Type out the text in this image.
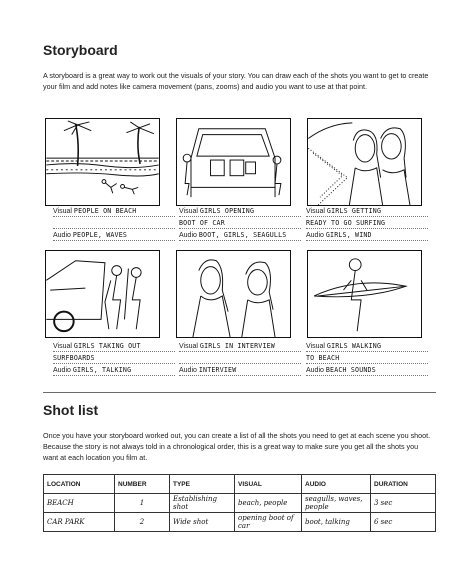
Storyboard
A storyboard is a great way to work out the visuals of your story. You can draw each of the shots you want to get to create your film and add notes like camera movement (pans, zooms) and audio you want to use at that point.
Visual PEOPLE ON BEACH
Audio PEOPLE, WAVES
Visual GIRLS OPENING
BOOT OF CAR
Audio BOOT, GIRLS, SEAGULLS
Visual GIRLS GETTING
READY TO GO SURFING
Audio GIRLS, WIND
Visual GIRLS TAKING OUT
SURFBOARDS
Audio GIRLS, TALKING
Visual GIRLS IN INTERVIEW
Audio INTERVIEW
Visual GIRLS WALKING
TO BEACH
Audio BEACH SOUNDS
Shot list
Once you have your storyboard worked out, you can create a list of all the shots you need to get at each scene you shoot. Because the story is not always told in a chronological order, this is a great way to make sure you get all the shots you want at each location you film at.
LOCATION	NUMBER	TYPE	VISUAL	AUDIO	DURATION
BEACH	1	Establishing shot	beach, people	seagulls, waves, people	3 sec
CAR PARK	2	Wide shot	opening boot of car	boot, talking	6 sec
